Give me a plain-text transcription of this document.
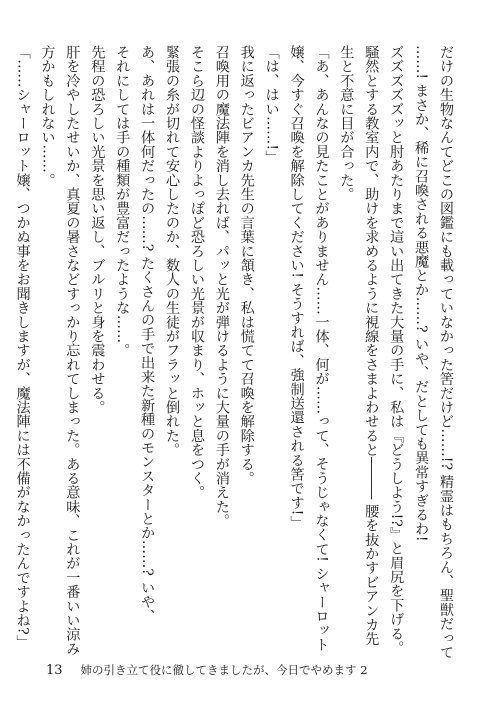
だけの生物なんてどこの図鑑にも載っていなかった筈だけど……!? 精霊はもちろん、聖獣だって
……! まさか、稀に召喚される悪魔とか……? いや、だとしても異常すぎるわ!
ズズズズズッと肘あたりまで這い出てきた大量の手に、私は『どうしよう!?』と眉尻を下げる。
騒然とする教室内で、助けを求めるように視線をさまよわせると――― 腰を抜かすビアンカ先
生と不意に目が合った。
「あ、あんなの見たことがありません……一体、何が……って、そうじゃなくて! シャーロット
嬢、今すぐ召喚を解除してください! そうすれば、強制送還される筈です!」
「は、はい……!」
我に返ったビアンカ先生の言葉に頷き、私は慌てて召喚を解除する。
召喚用の魔法陣を消し去れば、パッと光が弾けるように大量の手が消えた。
そこら辺の怪談よりよっぽど恐ろしい光景が収まり、ホッと息をつく。
緊張の糸が切れて安心したのか、数人の生徒がフラッと倒れた。
あ、あれは一体何だったの……? たくさんの手で出来た新種のモンスターとか……? いや、
それにしては手の種類が豊富だったような……。
先程の恐ろしい光景を思い返し、ブルリと身を震わせる。
肝を冷やしたせいか、真夏の暑さなどすっかり忘れてしまった。ある意味、これが一番いい涼み
方かもしれない……。
「……シャーロット嬢、つかぬ事をお聞きしますが、魔法陣には不備がなかったんですよね?」
13 姉の引き立て役に徹してきましたが、今日でやめます 2
